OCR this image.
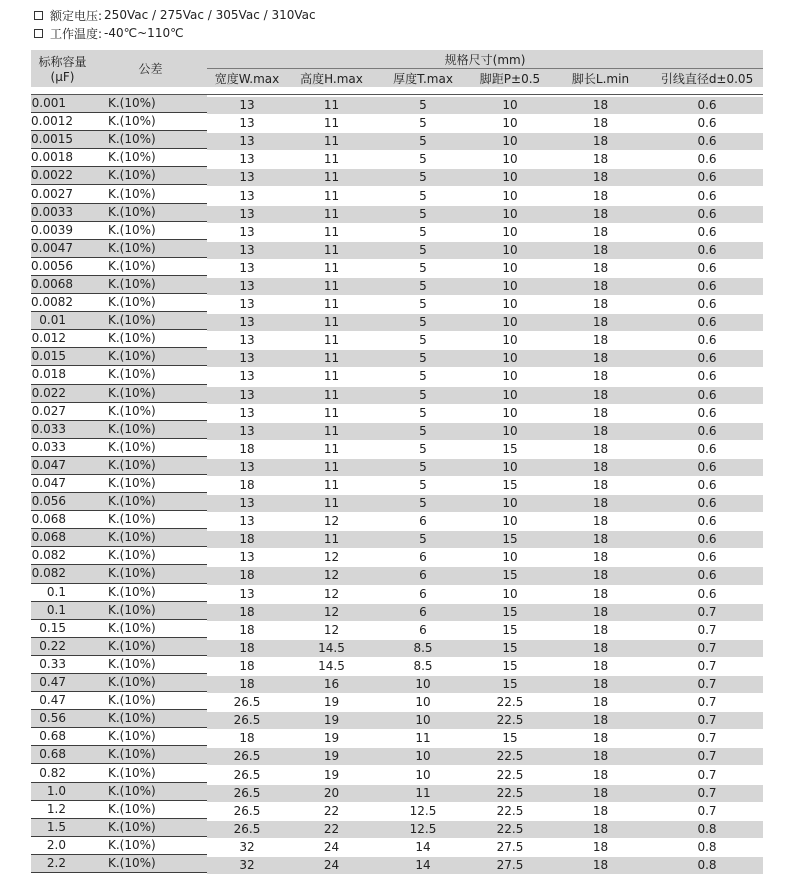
额定电压: 250Vac / 275Vac / 305Vac / 310Vac
工作温度: -40℃~110℃
标称容量(μF)	公差	规格尺寸(mm)					
		宽度W.max	高度H.max	厚度T.max	脚距P±0.5	脚长L.min	引线直径d±0.05

0.001	K.(10%)	13	11	5	10	18	0.6
0.0012	K.(10%)	13	11	5	10	18	0.6
0.0015	K.(10%)	13	11	5	10	18	0.6
0.0018	K.(10%)	13	11	5	10	18	0.6
0.0022	K.(10%)	13	11	5	10	18	0.6
0.0027	K.(10%)	13	11	5	10	18	0.6
0.0033	K.(10%)	13	11	5	10	18	0.6
0.0039	K.(10%)	13	11	5	10	18	0.6
0.0047	K.(10%)	13	11	5	10	18	0.6
0.0056	K.(10%)	13	11	5	10	18	0.6
0.0068	K.(10%)	13	11	5	10	18	0.6
0.0082	K.(10%)	13	11	5	10	18	0.6
0.01	K.(10%)	13	11	5	10	18	0.6
0.012	K.(10%)	13	11	5	10	18	0.6
0.015	K.(10%)	13	11	5	10	18	0.6
0.018	K.(10%)	13	11	5	10	18	0.6
0.022	K.(10%)	13	11	5	10	18	0.6
0.027	K.(10%)	13	11	5	10	18	0.6
0.033	K.(10%)	13	11	5	10	18	0.6
0.033	K.(10%)	18	11	5	15	18	0.6
0.047	K.(10%)	13	11	5	10	18	0.6
0.047	K.(10%)	18	11	5	15	18	0.6
0.056	K.(10%)	13	11	5	10	18	0.6
0.068	K.(10%)	13	12	6	10	18	0.6
0.068	K.(10%)	18	11	5	15	18	0.6
0.082	K.(10%)	13	12	6	10	18	0.6
0.082	K.(10%)	18	12	6	15	18	0.6
0.1	K.(10%)	13	12	6	10	18	0.6
0.1	K.(10%)	18	12	6	15	18	0.7
0.15	K.(10%)	18	12	6	15	18	0.7
0.22	K.(10%)	18	14.5	8.5	15	18	0.7
0.33	K.(10%)	18	14.5	8.5	15	18	0.7
0.47	K.(10%)	18	16	10	15	18	0.7
0.47	K.(10%)	26.5	19	10	22.5	18	0.7
0.56	K.(10%)	26.5	19	10	22.5	18	0.7
0.68	K.(10%)	18	19	11	15	18	0.7
0.68	K.(10%)	26.5	19	10	22.5	18	0.7
0.82	K.(10%)	26.5	19	10	22.5	18	0.7
1.0	K.(10%)	26.5	20	11	22.5	18	0.7
1.2	K.(10%)	26.5	22	12.5	22.5	18	0.7
1.5	K.(10%)	26.5	22	12.5	22.5	18	0.8
2.0	K.(10%)	32	24	14	27.5	18	0.8
2.2	K.(10%)	32	24	14	27.5	18	0.8
